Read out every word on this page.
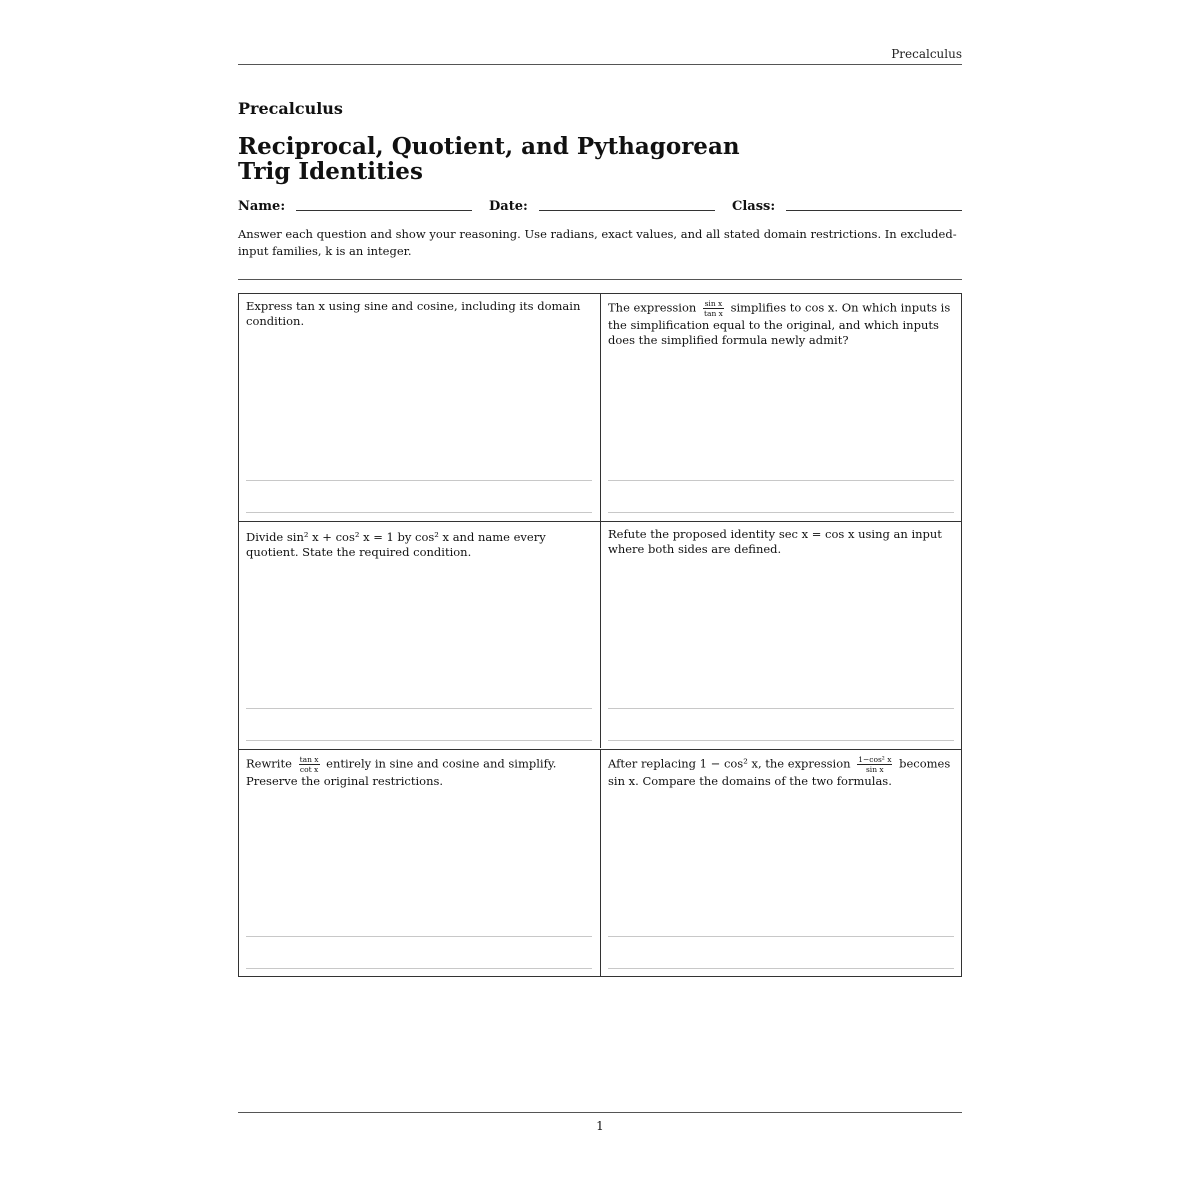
Precalculus
Precalculus
Reciprocal, Quotient, and Pythagorean Trig Identities
Name:	Date:	Class:
Answer each question and show your reasoning. Use radians, exact values, and all stated domain restrictions. In excluded-input families, k is an integer.
Express tan x using sine and cosine, including its domain condition.
The expression $\frac{\text{sin x}}{\text{tan x}}$ simplifies to cos x. On which inputs is the simplification equal to the original, and which inputs does the simplified formula newly admit?
Divide sin² x + cos² x = 1 by cos² x and name every quotient. State the required condition.
Refute the proposed identity sec x = cos x using an input where both sides are defined.
Rewrite $\frac{\text{tan x}}{\text{cot x}}$ entirely in sine and cosine and simplify. Preserve the original restrictions.
After replacing 1 − cos² x, the expression $\frac{\text{1−cos² x}}{\text{sin x}}$ becomes sin x. Compare the domains of the two formulas.
1
